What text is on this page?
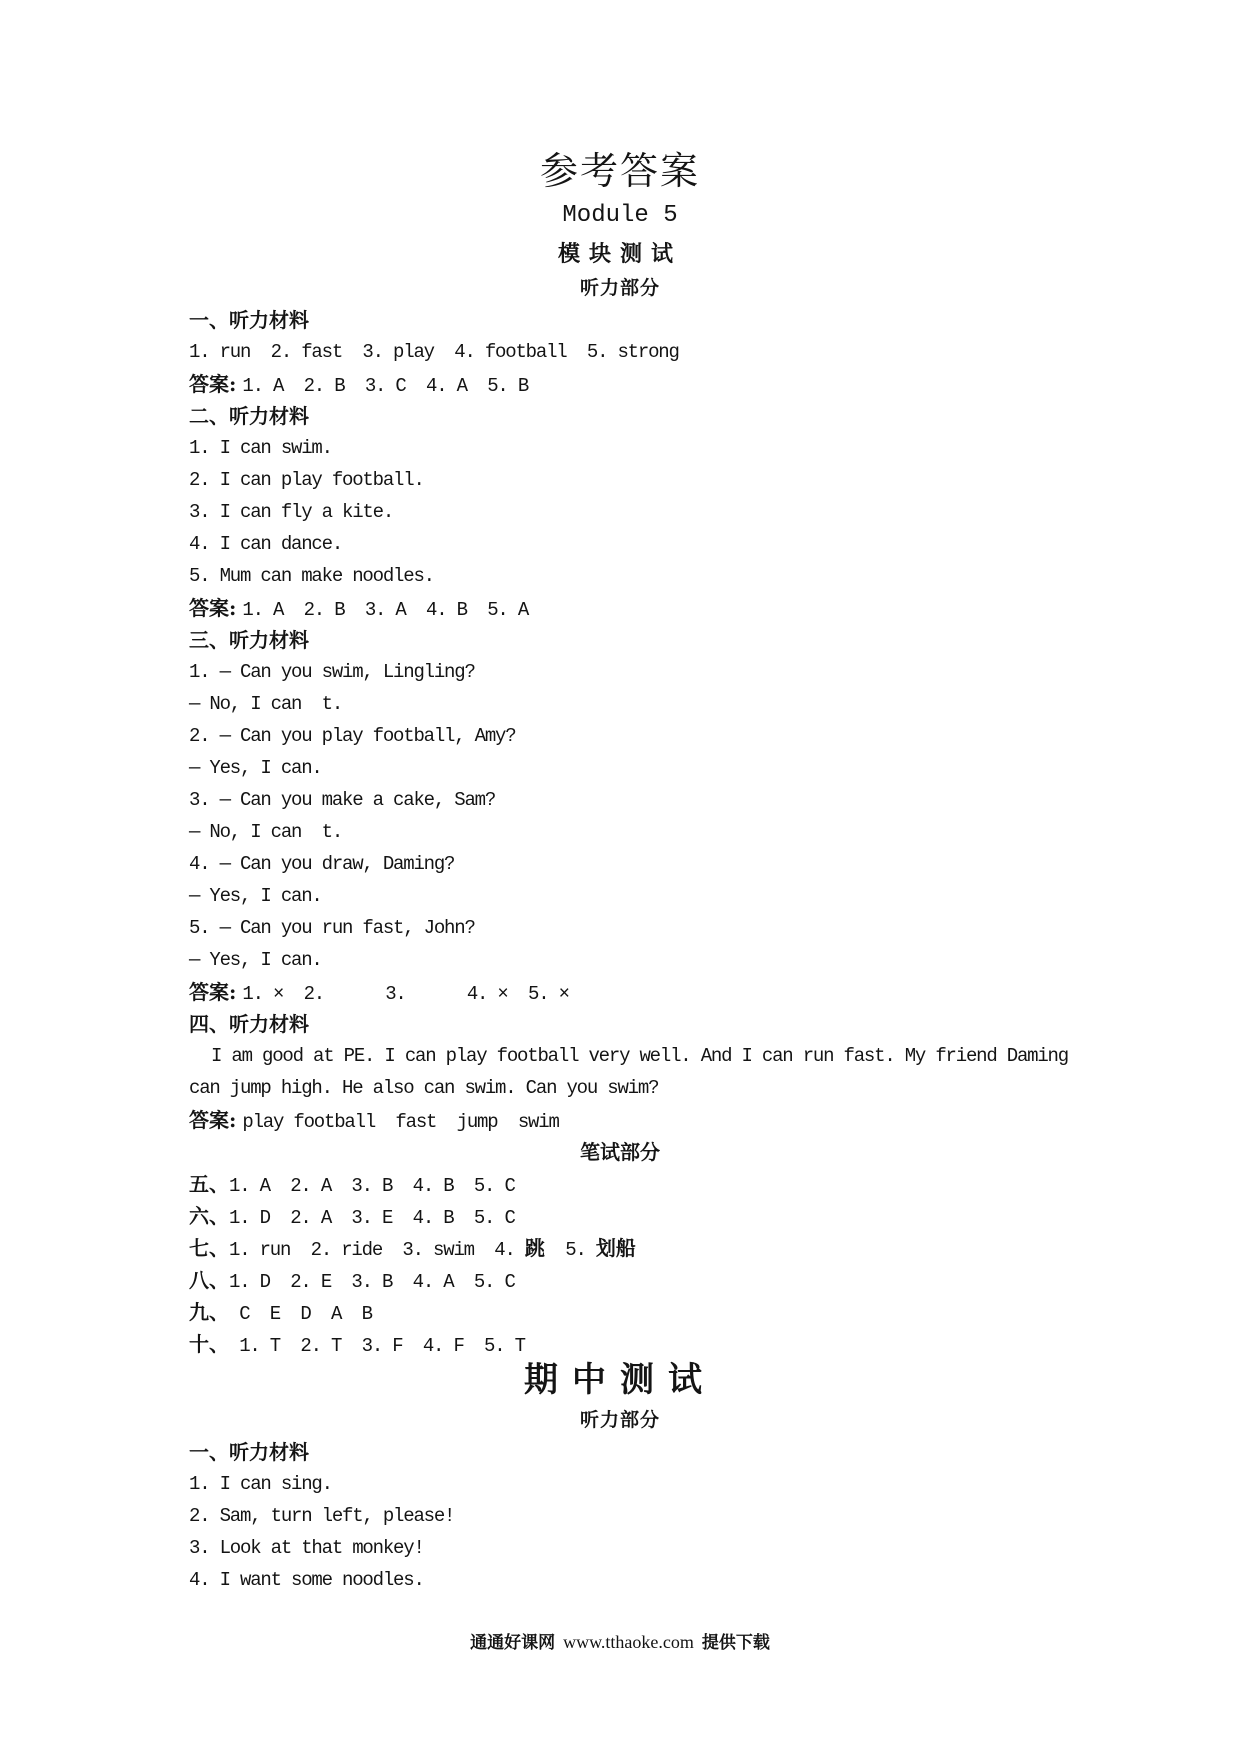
参考答案
Module 5
模块测试
听力部分
一、听力材料
1. run  2. fast  3. play  4. football  5. strong
答案: 1. A  2. B  3. C  4. A  5. B
二、听力材料
1. I can swim.
2. I can play football.
3. I can fly a kite.
4. I can dance.
5. Mum can make noodles.
答案: 1. A  2. B  3. A  4. B  5. A
三、听力材料
1. — Can you swim, Lingling?
— No, I can  t.
2. — Can you play football, Amy?
— Yes, I can.
3. — Can you make a cake, Sam?
— No, I can  t.
4. — Can you draw, Daming?
— Yes, I can.
5. — Can you run fast, John?
— Yes, I can.
答案: 1. ×  2.      3.      4. ×  5. ×
四、听力材料
I am good at PE. I can play football very well. And I can run fast. My friend Daming
can jump high. He also can swim. Can you swim?
答案: play football  fast  jump  swim
笔试部分
五、1. A  2. A  3. B  4. B  5. C
六、1. D  2. A  3. E  4. B  5. C
七、1. run  2. ride  3. swim  4. 跳  5. 划船
八、1. D  2. E  3. B  4. A  5. C
九、 C  E  D  A  B
十、 1. T  2. T  3. F  4. F  5. T
期中测试
听力部分
一、听力材料
1. I can sing.
2. Sam, turn left, please!
3. Look at that monkey!
4. I want some noodles.
通通好课网 www.tthaoke.com 提供下载
